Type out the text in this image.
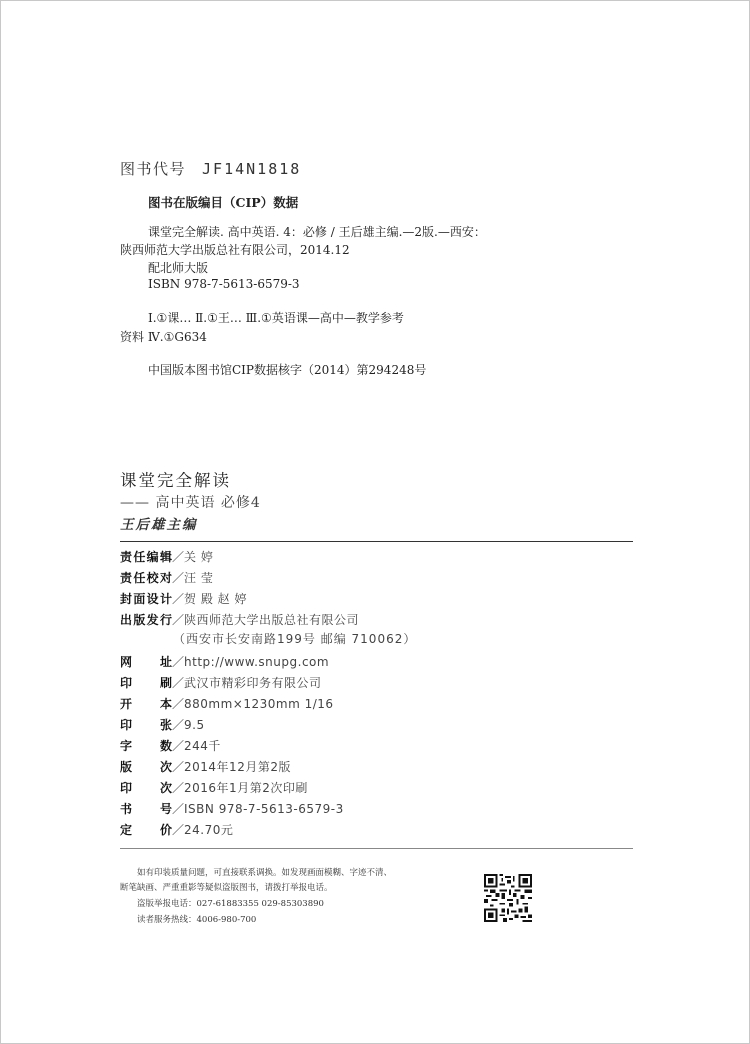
图书代号 JF14N1818
图书在版编目（CIP）数据
课堂完全解读. 高中英语. 4：必修 / 王后雄主编.—2版.—西安：
陕西师范大学出版总社有限公司，2014.12
配北师大版
ISBN 978-7-5613-6579-3
Ⅰ.①课… Ⅱ.①王… Ⅲ.①英语课—高中—教学参考
资料 Ⅳ.①G634
中国版本图书馆CIP数据核字（2014）第294248号
课堂完全解读
—— 高中英语 必修4
王后雄主编
责任编辑／关 婷
责任校对／汪 莹
封面设计／贺 殿 赵 婷
出版发行／陕西师范大学出版总社有限公司
（西安市长安南路199号 邮编 710062）
网址／http://www.snupg.com
印刷／武汉市精彩印务有限公司
开本／880mm×1230mm 1/16
印张／9.5
字数／244千
版次／2014年12月第2版
印次／2016年1月第2次印刷
书号／ISBN 978-7-5613-6579-3
定价／24.70元
如有印装质量问题，可直接联系调换。如发现画面模糊、字迹不清、
断笔缺画、严重重影等疑似盗版图书，请拨打举报电话。
盗版举报电话：027-61883355 029-85303890
读者服务热线：4006-980-700
